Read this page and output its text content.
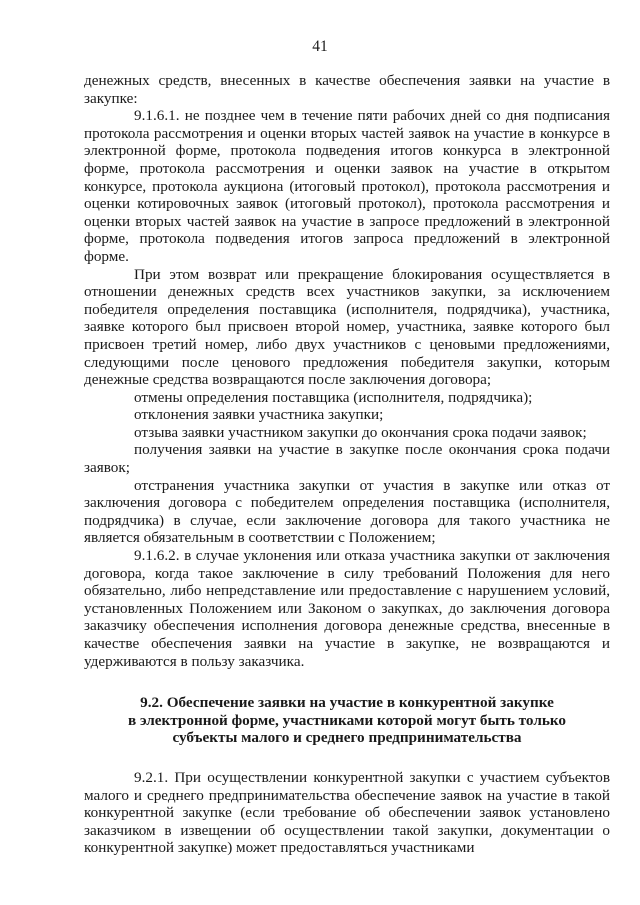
41

денежных средств, внесенных в качестве обеспечения заявки на участие в закупке:

9.1.6.1. не позднее чем в течение пяти рабочих дней со дня подписания протокола рассмотрения и оценки вторых частей заявок на участие в конкурсе в электронной форме, протокола подведения итогов конкурса в электронной форме, протокола рассмотрения и оценки заявок на участие в открытом конкурсе, протокола аукциона (итоговый протокол), протокола рассмотрения и оценки котировочных заявок (итоговый протокол), протокола рассмотрения и оценки вторых частей заявок на участие в запросе предложений в электронной форме, протокола подведения итогов запроса предложений в электронной форме.

При этом возврат или прекращение блокирования осуществляется в отношении денежных средств всех участников закупки, за исключением победителя определения поставщика (исполнителя, подрядчика), участника, заявке которого был присвоен второй номер, участника, заявке которого был присвоен третий номер, либо двух участников с ценовыми предложениями, следующими после ценового предложения победителя закупки, которым денежные средства возвращаются после заключения договора;

отмены определения поставщика (исполнителя, подрядчика);

отклонения заявки участника закупки;

отзыва заявки участником закупки до окончания срока подачи заявок;

получения заявки на участие в закупке после окончания срока подачи заявок;

отстранения участника закупки от участия в закупке или отказ от заключения договора с победителем определения поставщика (исполнителя, подрядчика) в случае, если заключение договора для такого участника не является обязательным в соответствии с Положением;

9.1.6.2. в случае уклонения или отказа участника закупки от заключения договора, когда такое заключение в силу требований Положения для него обязательно, либо непредставление или предоставление с нарушением условий, установленных Положением или Законом о закупках, до заключения договора заказчику обеспечения исполнения договора денежные средства, внесенные в качестве обеспечения заявки на участие в закупке, не возвращаются и удерживаются в пользу заказчика.

9.2. Обеспечение заявки на участие в конкурентной закупке
в электронной форме, участниками которой могут быть только
субъекты малого и среднего предпринимательства

9.2.1. При осуществлении конкурентной закупки с участием субъектов малого и среднего предпринимательства обеспечение заявок на участие в такой конкурентной закупке (если требование об обеспечении заявок установлено заказчиком в извещении об осуществлении такой закупки, документации о конкурентной закупке) может предоставляться участниками
